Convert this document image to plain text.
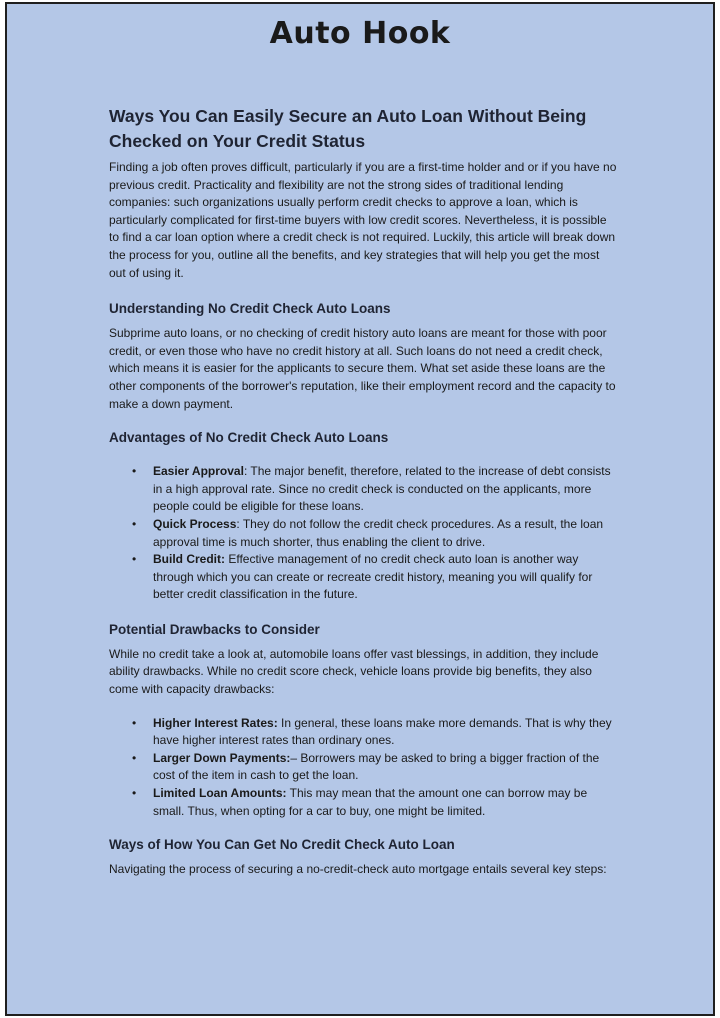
Auto Hook
Ways You Can Easily Secure an Auto Loan Without Being Checked on Your Credit Status

Finding a job often proves difficult, particularly if you are a first-time holder and or if you have no previous credit. Practicality and flexibility are not the strong sides of traditional lending companies: such organizations usually perform credit checks to approve a loan, which is particularly complicated for first-time buyers with low credit scores. Nevertheless, it is possible to find a car loan option where a credit check is not required. Luckily, this article will break down the process for you, outline all the benefits, and key strategies that will help you get the most out of using it.

Understanding No Credit Check Auto Loans

Subprime auto loans, or no checking of credit history auto loans are meant for those with poor credit, or even those who have no credit history at all. Such loans do not need a credit check, which means it is easier for the applicants to secure them. What set aside these loans are the other components of the borrower's reputation, like their employment record and the capacity to make a down payment.

Advantages of No Credit Check Auto Loans
• Easier Approval: The major benefit, therefore, related to the increase of debt consists in a high approval rate. Since no credit check is conducted on the applicants, more people could be eligible for these loans.
• Quick Process: They do not follow the credit check procedures. As a result, the loan approval time is much shorter, thus enabling the client to drive.
• Build Credit: Effective management of no credit check auto loan is another way through which you can create or recreate credit history, meaning you will qualify for better credit classification in the future.
Potential Drawbacks to Consider

While no credit take a look at, automobile loans offer vast blessings, in addition, they include ability drawbacks. While no credit score check, vehicle loans provide big benefits, they also come with capacity drawbacks:

• Higher Interest Rates: In general, these loans make more demands. That is why they have higher interest rates than ordinary ones.
• Larger Down Payments:– Borrowers may be asked to bring a bigger fraction of the cost of the item in cash to get the loan.
• Limited Loan Amounts: This may mean that the amount one can borrow may be small. Thus, when opting for a car to buy, one might be limited.
Ways of How You Can Get No Credit Check Auto Loan

Navigating the process of securing a no-credit-check auto mortgage entails several key steps:
